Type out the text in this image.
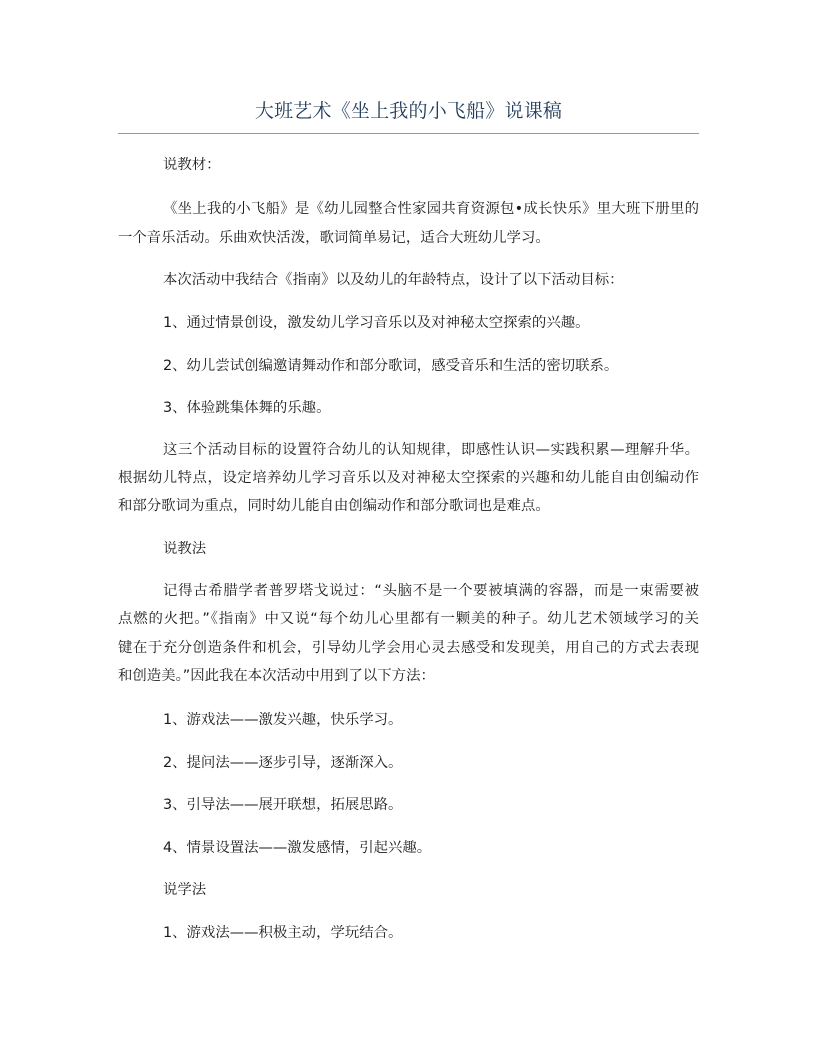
大班艺术《坐上我的小飞船》说课稿
说教材：
《坐上我的小飞船》是《幼儿园整合性家园共育资源包•成长快乐》里大班下册里的
一个音乐活动。乐曲欢快活泼，歌词简单易记，适合大班幼儿学习。
本次活动中我结合《指南》以及幼儿的年龄特点，设计了以下活动目标：
1、通过情景创设，激发幼儿学习音乐以及对神秘太空探索的兴趣。
2、幼儿尝试创编邀请舞动作和部分歌词，感受音乐和生活的密切联系。
3、体验跳集体舞的乐趣。
这三个活动目标的设置符合幼儿的认知规律，即感性认识—实践积累—理解升华。
根据幼儿特点，设定培养幼儿学习音乐以及对神秘太空探索的兴趣和幼儿能自由创编动作
和部分歌词为重点，同时幼儿能自由创编动作和部分歌词也是难点。
说教法
记得古希腊学者普罗塔戈说过：“头脑不是一个要被填满的容器，而是一束需要被
点燃的火把。”《指南》中又说“每个幼儿心里都有一颗美的种子。幼儿艺术领域学习的关
键在于充分创造条件和机会，引导幼儿学会用心灵去感受和发现美，用自己的方式去表现
和创造美。”因此我在本次活动中用到了以下方法：
1、游戏法——激发兴趣，快乐学习。
2、提问法——逐步引导，逐渐深入。
3、引导法——展开联想，拓展思路。
4、情景设置法——激发感情，引起兴趣。
说学法
1、游戏法——积极主动，学玩结合。
